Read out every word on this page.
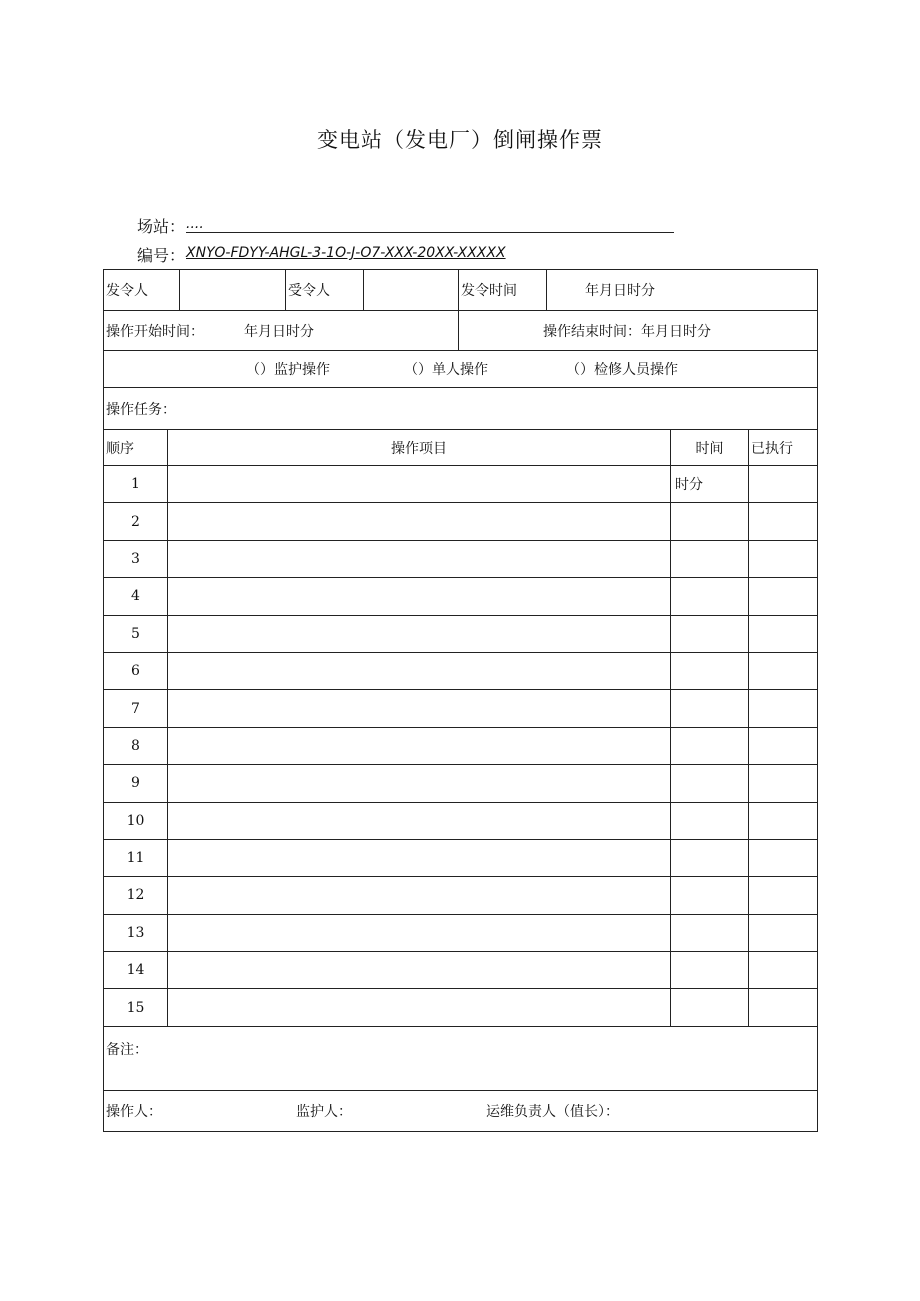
变电站（发电厂）倒闸操作票
场站： ....
编号： XNYO-FDYY-AHGL-3-1O-J-O7-XXX-20XX-XXXXX
发令人			受令人		发令时间	年月日时分		
操作开始时间： 年月日时分					操作结束时间：年月日时分			
（）监护操作 （）单人操作 （）检修人员操作								
操作任务：								
顺序	操作项目						时间	已执行
1							时分	
2								
3								
4								
5								
6								
7								
8								
9								
10								
11								
12								
13								
14								
15								
备注：								
操作人： 监护人： 运维负责人（值长）：								
